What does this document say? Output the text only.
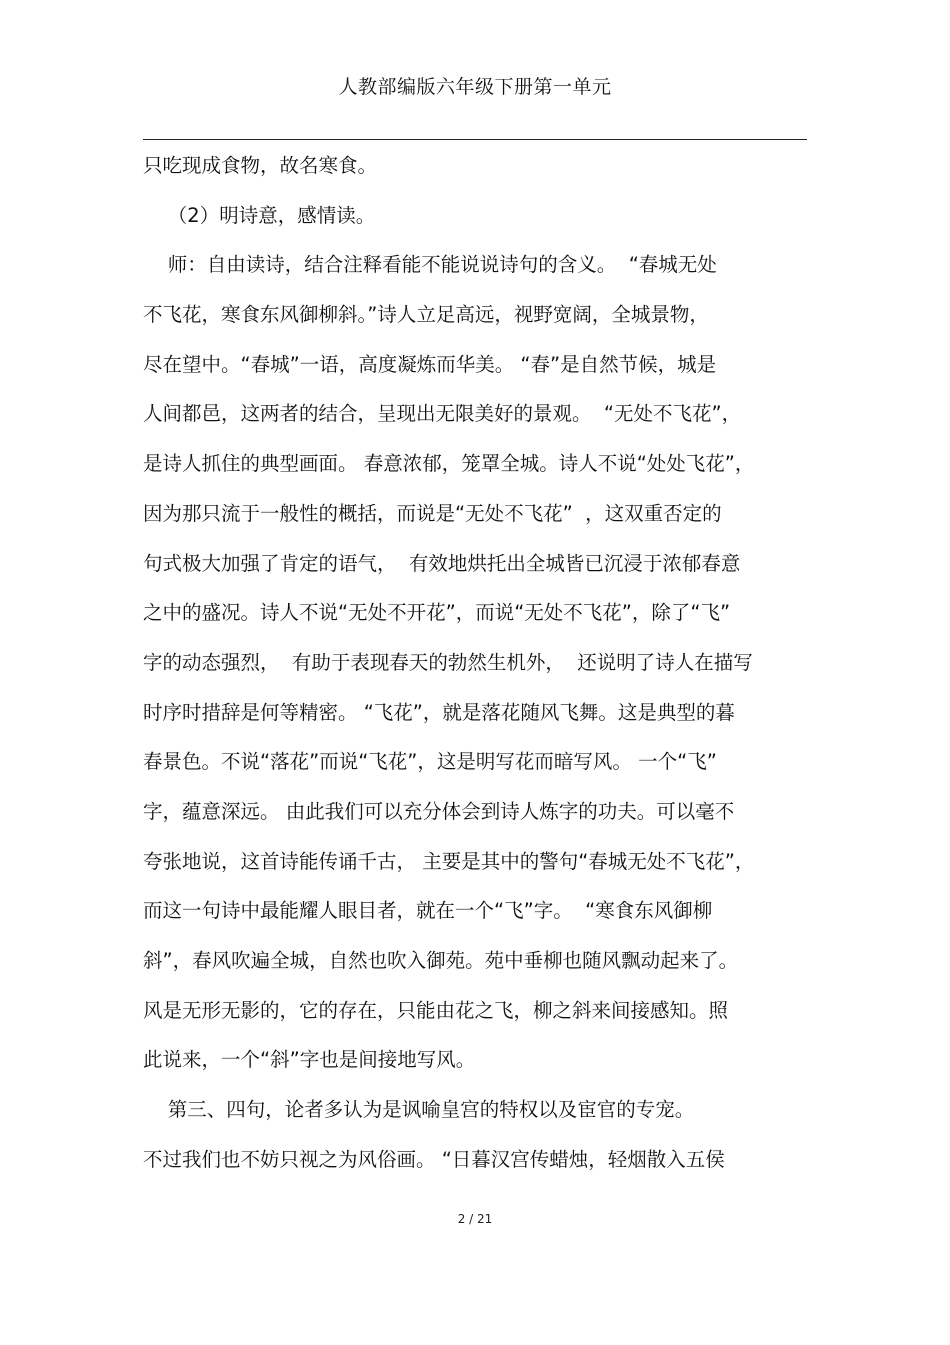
人教部编版六年级下册第一单元
只吃现成食物，故名寒食。
（2）明诗意，感情读。
师：自由读诗，结合注释看能不能说说诗句的含义。  “春城无处
不飞花，寒食东风御柳斜。”诗人立足高远，视野宽阔，全城景物，
尽在望中。“春城”一语，高度凝炼而华美。 “春”是自然节候，城是
人间都邑，这两者的结合，呈现出无限美好的景观。  “无处不飞花”，
是诗人抓住的典型画面。 春意浓郁，笼罩全城。诗人不说“处处飞花”，
因为那只流于一般性的概括，而说是“无处不飞花”  ，这双重否定的
句式极大加强了肯定的语气，  有效地烘托出全城皆已沉浸于浓郁春意
之中的盛况。诗人不说“无处不开花”，而说“无处不飞花”，除了“飞”
字的动态强烈，  有助于表现春天的勃然生机外，  还说明了诗人在描写
时序时措辞是何等精密。 “飞花”，就是落花随风飞舞。这是典型的暮
春景色。不说“落花”而说“飞花”，这是明写花而暗写风。 一个“飞”
字，蕴意深远。 由此我们可以充分体会到诗人炼字的功夫。可以毫不
夸张地说，这首诗能传诵千古， 主要是其中的警句“春城无处不飞花”，
而这一句诗中最能耀人眼目者，就在一个“飞”字。  “寒食东风御柳
斜”，春风吹遍全城，自然也吹入御苑。苑中垂柳也随风飘动起来了。
风是无形无影的，它的存在，只能由花之飞，柳之斜来间接感知。照
此说来，一个“斜”字也是间接地写风。
第三、四句，论者多认为是讽喻皇宫的特权以及宦官的专宠。
不过我们也不妨只视之为风俗画。 “日暮汉宫传蜡烛，轻烟散入五侯
2 / 21
